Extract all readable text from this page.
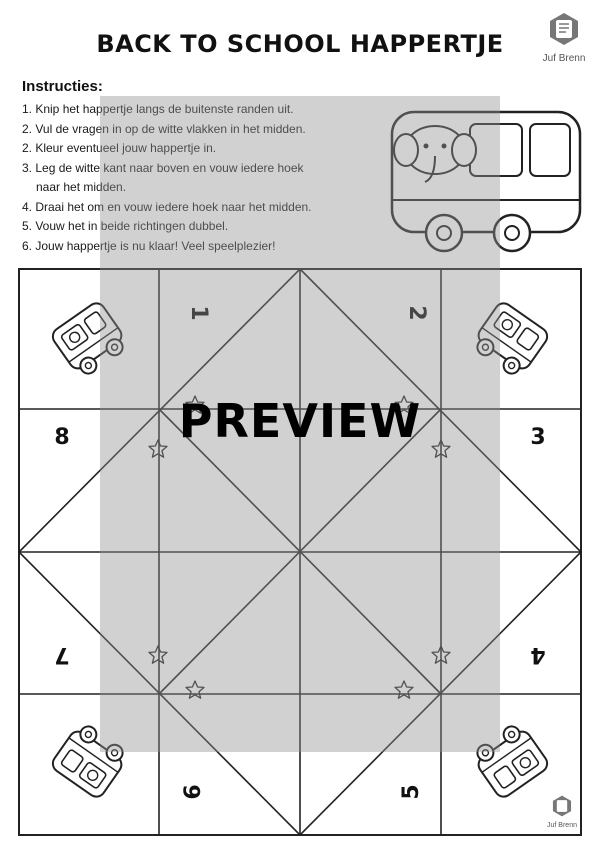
BACK TO SCHOOL HAPPERTJE
Juf Brenn
Instructies:
1. Knip het happertje langs de buitenste randen uit.
2. Vul de vragen in op de witte vlakken in het midden.
2. Kleur eventueel jouw happertje in.
3. Leg de witte kant naar boven en vouw iedere hoek
naar het midden.
4. Draai het om en vouw iedere hoek naar het midden.
5. Vouw het in beide richtingen dubbel.
6. Jouw happertje is nu klaar! Veel speelplezier!
1	2
3
4
5
6
7
8	PREVIEW
Juf Brenn
